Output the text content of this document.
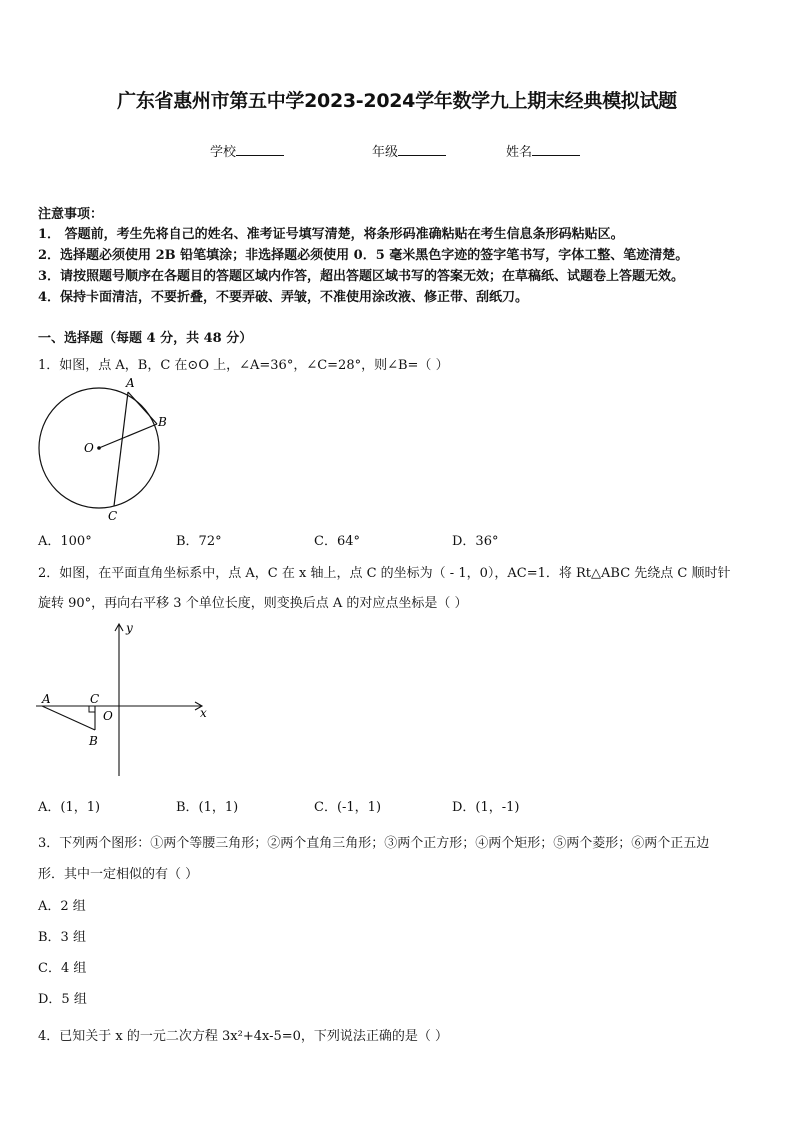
广东省惠州市第五中学2023-2024学年数学九上期末经典模拟试题
学校	年级	姓名
注意事项：
1． 答题前，考生先将自己的姓名、准考证号填写清楚，将条形码准确粘贴在考生信息条形码粘贴区。
2．选择题必须使用 2B 铅笔填涂；非选择题必须使用 0．5 毫米黑色字迹的签字笔书写，字体工整、笔迹清楚。
3．请按照题号顺序在各题目的答题区域内作答，超出答题区域书写的答案无效；在草稿纸、试题卷上答题无效。
4．保持卡面清洁，不要折叠，不要弄破、弄皱，不准使用涂改液、修正带、刮纸刀。
一、选择题（每题 4 分，共 48 分）
1．如图，点 A，B，C 在⊙O 上，∠A=36°，∠C=28°，则∠B=（ ）
A
B
C
O
A．100°	B．72°	C．64°	D．36°
2．如图，在平面直角坐标系中，点 A，C 在 x 轴上，点 C 的坐标为（ - 1，0），AC=1．将 Rt△ABC 先绕点 C 顺时针
旋转 90°，再向右平移 3 个单位长度，则变换后点 A 的对应点坐标是（ ）
y
x
A	C
O
B
A．(1，1)	B．(1，1)	C．(-1，1)	D．(1，-1)
3．下列两个图形：①两个等腰三角形；②两个直角三角形；③两个正方形；④两个矩形；⑤两个菱形；⑥两个正五边
形．其中一定相似的有（ ）
A．2 组
B．3 组
C．4 组
D．5 组
4．已知关于 x 的一元二次方程 3x²+4x-5=0，下列说法正确的是（ ）
